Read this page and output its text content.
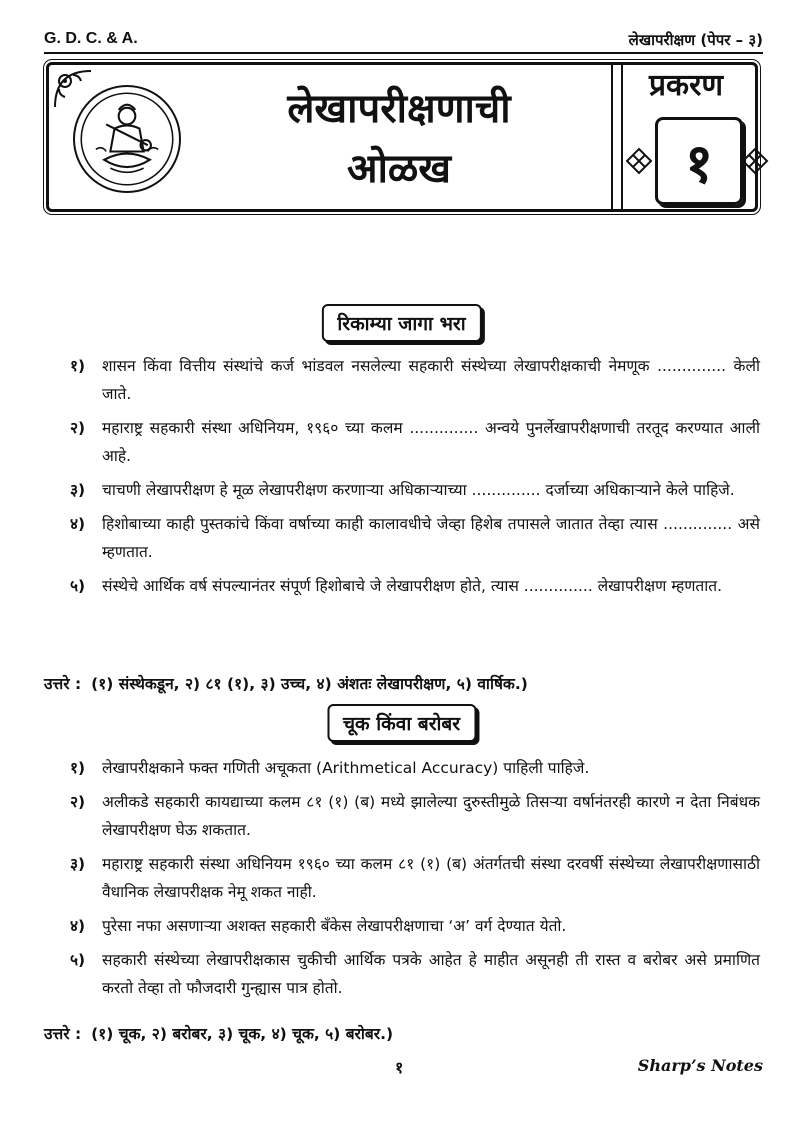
G. D. C. & A.	लेखापरीक्षण (पेपर – ३)
लेखापरीक्षणाची
ओळख
प्रकरण
१
रिकाम्या जागा भरा
१)	शासन किंवा वित्तीय संस्थांचे कर्ज भांडवल नसलेल्या सहकारी संस्थेच्या लेखापरीक्षकाची नेमणूक .............. केली जाते.
२)	महाराष्ट्र सहकारी संस्था अधिनियम, १९६० च्या कलम .............. अन्वये पुनर्लेखापरीक्षणाची तरतूद करण्यात आली आहे.
३)	चाचणी लेखापरीक्षण हे मूळ लेखापरीक्षण करणाऱ्या अधिकाऱ्याच्या .............. दर्जाच्या अधिकाऱ्याने केले पाहिजे.
४)	हिशोबाच्या काही पुस्तकांचे किंवा वर्षाच्या काही कालावधीचे जेव्हा हिशेब तपासले जातात तेव्हा त्यास .............. असे म्हणतात.
५)	संस्थेचे आर्थिक वर्ष संपल्यानंतर संपूर्ण हिशोबाचे जे लेखापरीक्षण होते, त्यास .............. लेखापरीक्षण म्हणतात.
उत्तरे : (१) संस्थेकडून, २) ८१ (१), ३) उच्च, ४) अंशतः लेखापरीक्षण, ५) वार्षिक.)
चूक किंवा बरोबर
१)	लेखापरीक्षकाने फक्त गणिती अचूकता (Arithmetical Accuracy) पाहिली पाहिजे.
२)	अलीकडे सहकारी कायद्याच्या कलम ८१ (१) (ब) मध्ये झालेल्या दुरुस्तीमुळे तिसऱ्या वर्षानंतरही कारणे न देता निबंधक लेखापरीक्षण घेऊ शकतात.
३)	महाराष्ट्र सहकारी संस्था अधिनियम १९६० च्या कलम ८१ (१) (ब) अंतर्गतची संस्था दरवर्षी संस्थेच्या लेखापरीक्षणासाठी वैधानिक लेखापरीक्षक नेमू शकत नाही.
४)	पुरेसा नफा असणाऱ्या अशक्त सहकारी बँकेस लेखापरीक्षणाचा ‘अ’ वर्ग देण्यात येतो.
५)	सहकारी संस्थेच्या लेखापरीक्षकास चुकीची आर्थिक पत्रके आहेत हे माहीत असूनही ती रास्त व बरोबर असे प्रमाणित करतो तेव्हा तो फौजदारी गुन्ह्यास पात्र होतो.
उत्तरे : (१) चूक, २) बरोबर, ३) चूक, ४) चूक, ५) बरोबर.)
१	Sharp’s Notes
